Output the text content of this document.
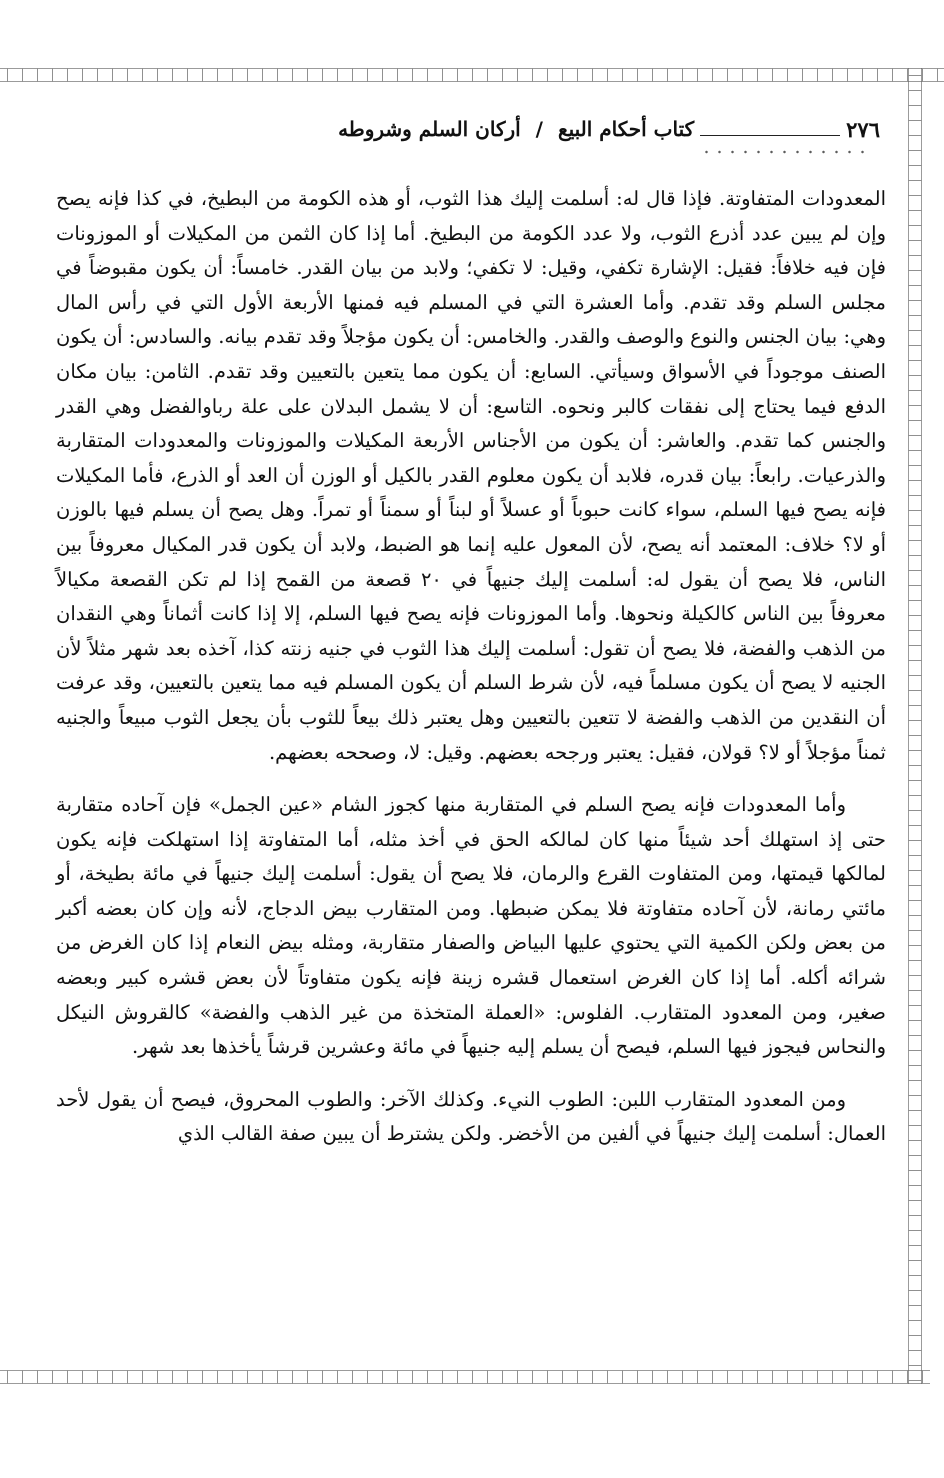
٢٧٦
كتاب أحكام البيع / أركان السلم وشروطه

المعدودات المتفاوتة. فإذا قال له: أسلمت إليك هذا الثوب، أو هذه الكومة من البطيخ، في كذا فإنه يصح وإن لم يبين عدد أذرع الثوب، ولا عدد الكومة من البطيخ. أما إذا كان الثمن من المكيلات أو الموزونات فإن فيه خلافاً: فقيل: الإشارة تكفي، وقيل: لا تكفي؛ ولابد من بيان القدر. خامساً: أن يكون مقبوضاً في مجلس السلم وقد تقدم. وأما العشرة التي في المسلم فيه فمنها الأربعة الأول التي في رأس المال وهي: بيان الجنس والنوع والوصف والقدر. والخامس: أن يكون مؤجلاً وقد تقدم بيانه. والسادس: أن يكون الصنف موجوداً في الأسواق وسيأتي. السابع: أن يكون مما يتعين بالتعيين وقد تقدم. الثامن: بيان مكان الدفع فيما يحتاج إلى نفقات كالبر ونحوه. التاسع: أن لا يشمل البدلان على علة رباوالفضل وهي القدر والجنس كما تقدم. والعاشر: أن يكون من الأجناس الأربعة المكيلات والموزونات والمعدودات المتقاربة والذرعيات. رابعاً: بيان قدره، فلابد أن يكون معلوم القدر بالكيل أو الوزن أن العد أو الذرع، فأما المكيلات فإنه يصح فيها السلم، سواء كانت حبوباً أو عسلاً أو لبناً أو سمناً أو تمراً. وهل يصح أن يسلم فيها بالوزن أو لا؟ خلاف: المعتمد أنه يصح، لأن المعول عليه إنما هو الضبط، ولابد أن يكون قدر المكيال معروفاً بين الناس، فلا يصح أن يقول له: أسلمت إليك جنيهاً في ٢٠ قصعة من القمح إذا لم تكن القصعة مكيالاً معروفاً بين الناس كالكيلة ونحوها. وأما الموزونات فإنه يصح فيها السلم، إلا إذا كانت أثماناً وهي النقدان من الذهب والفضة، فلا يصح أن تقول: أسلمت إليك هذا الثوب في جنيه زنته كذا، آخذه بعد شهر مثلاً لأن الجنيه لا يصح أن يكون مسلماً فيه، لأن شرط السلم أن يكون المسلم فيه مما يتعين بالتعيين، وقد عرفت أن النقدين من الذهب والفضة لا تتعين بالتعيين وهل يعتبر ذلك بيعاً للثوب بأن يجعل الثوب مبيعاً والجنيه ثمناً مؤجلاً أو لا؟ قولان، فقيل: يعتبر ورجحه بعضهم. وقيل: لا، وصححه بعضهم.

وأما المعدودات فإنه يصح السلم في المتقاربة منها كجوز الشام «عين الجمل» فإن آحاده متقاربة حتى إذ استهلك أحد شيئاً منها كان لمالكه الحق في أخذ مثله، أما المتفاوتة إذا استهلكت فإنه يكون لمالكها قيمتها، ومن المتفاوت القرع والرمان، فلا يصح أن يقول: أسلمت إليك جنيهاً في مائة بطيخة، أو مائتي رمانة، لأن آحاده متفاوتة فلا يمكن ضبطها. ومن المتقارب بيض الدجاج، لأنه وإن كان بعضه أكبر من بعض ولكن الكمية التي يحتوي عليها البياض والصفار متقاربة، ومثله بيض النعام إذا كان الغرض من شرائه أكله. أما إذا كان الغرض استعمال قشره زينة فإنه يكون متفاوتاً لأن بعض قشره كبير وبعضه صغير، ومن المعدود المتقارب. الفلوس: «العملة المتخذة من غير الذهب والفضة» كالقروش النيكل والنحاس فيجوز فيها السلم، فيصح أن يسلم إليه جنيهاً في مائة وعشرين قرشاً يأخذها بعد شهر.

ومن المعدود المتقارب اللبن: الطوب النيء. وكذلك الآخر: والطوب المحروق، فيصح أن يقول لأحد العمال: أسلمت إليك جنيهاً في ألفين من الأخضر. ولكن يشترط أن يبين صفة القالب الذي
